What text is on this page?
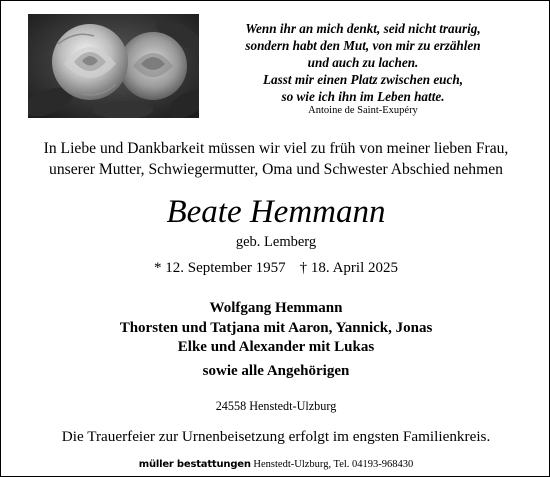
Wenn ihr an mich denkt, seid nicht traurig,
sondern habt den Mut, von mir zu erzählen
und auch zu lachen.
Lasst mir einen Platz zwischen euch,
so wie ich ihn im Leben hatte.
Antoine de Saint-Exupéry
In Liebe und Dankbarkeit müssen wir viel zu früh von meiner lieben Frau,
unserer Mutter, Schwiegermutter, Oma und Schwester Abschied nehmen
Beate Hemmann
geb. Lemberg
* 12. September 1957 † 18. April 2025
Wolfgang Hemmann
Thorsten und Tatjana mit Aaron, Yannick, Jonas
Elke und Alexander mit Lukas
sowie alle Angehörigen
24558 Henstedt-Ulzburg
Die Trauerfeier zur Urnenbeisetzung erfolgt im engsten Familienkreis.
müller bestattungen Henstedt-Ulzburg, Tel. 04193-968430
